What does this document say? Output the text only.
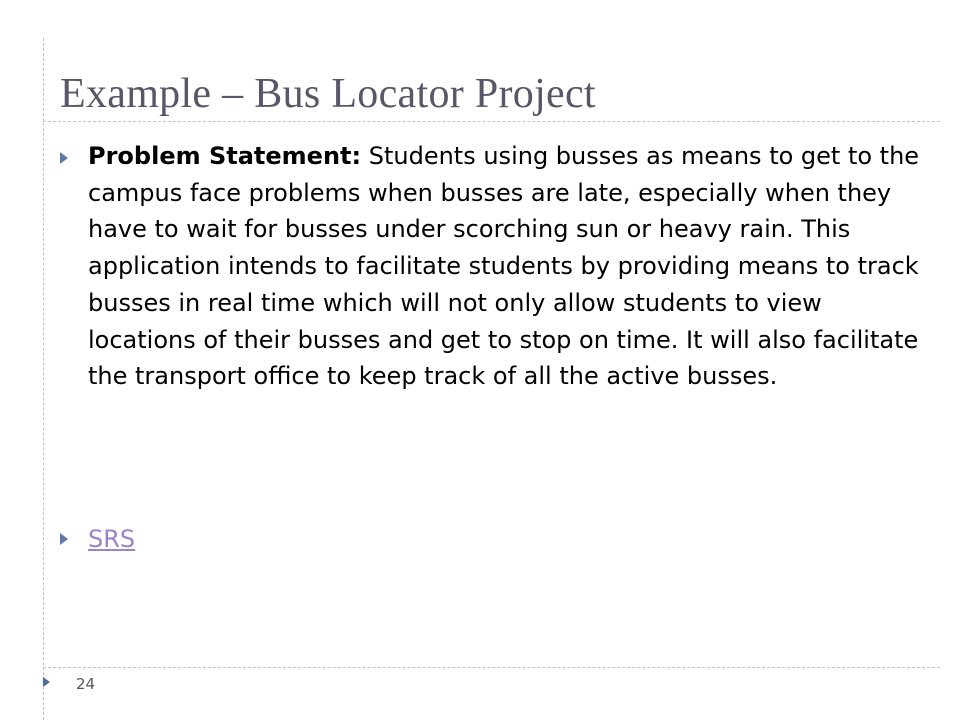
Example – Bus Locator Project
Problem Statement: Students using busses as means to get to the campus face problems when busses are late, especially when they have to wait for busses under scorching sun or heavy rain. This application intends to facilitate students by providing means to track busses in real time which will not only allow students to view locations of their busses and get to stop on time. It will also facilitate the transport office to keep track of all the active busses.
SRS
24
